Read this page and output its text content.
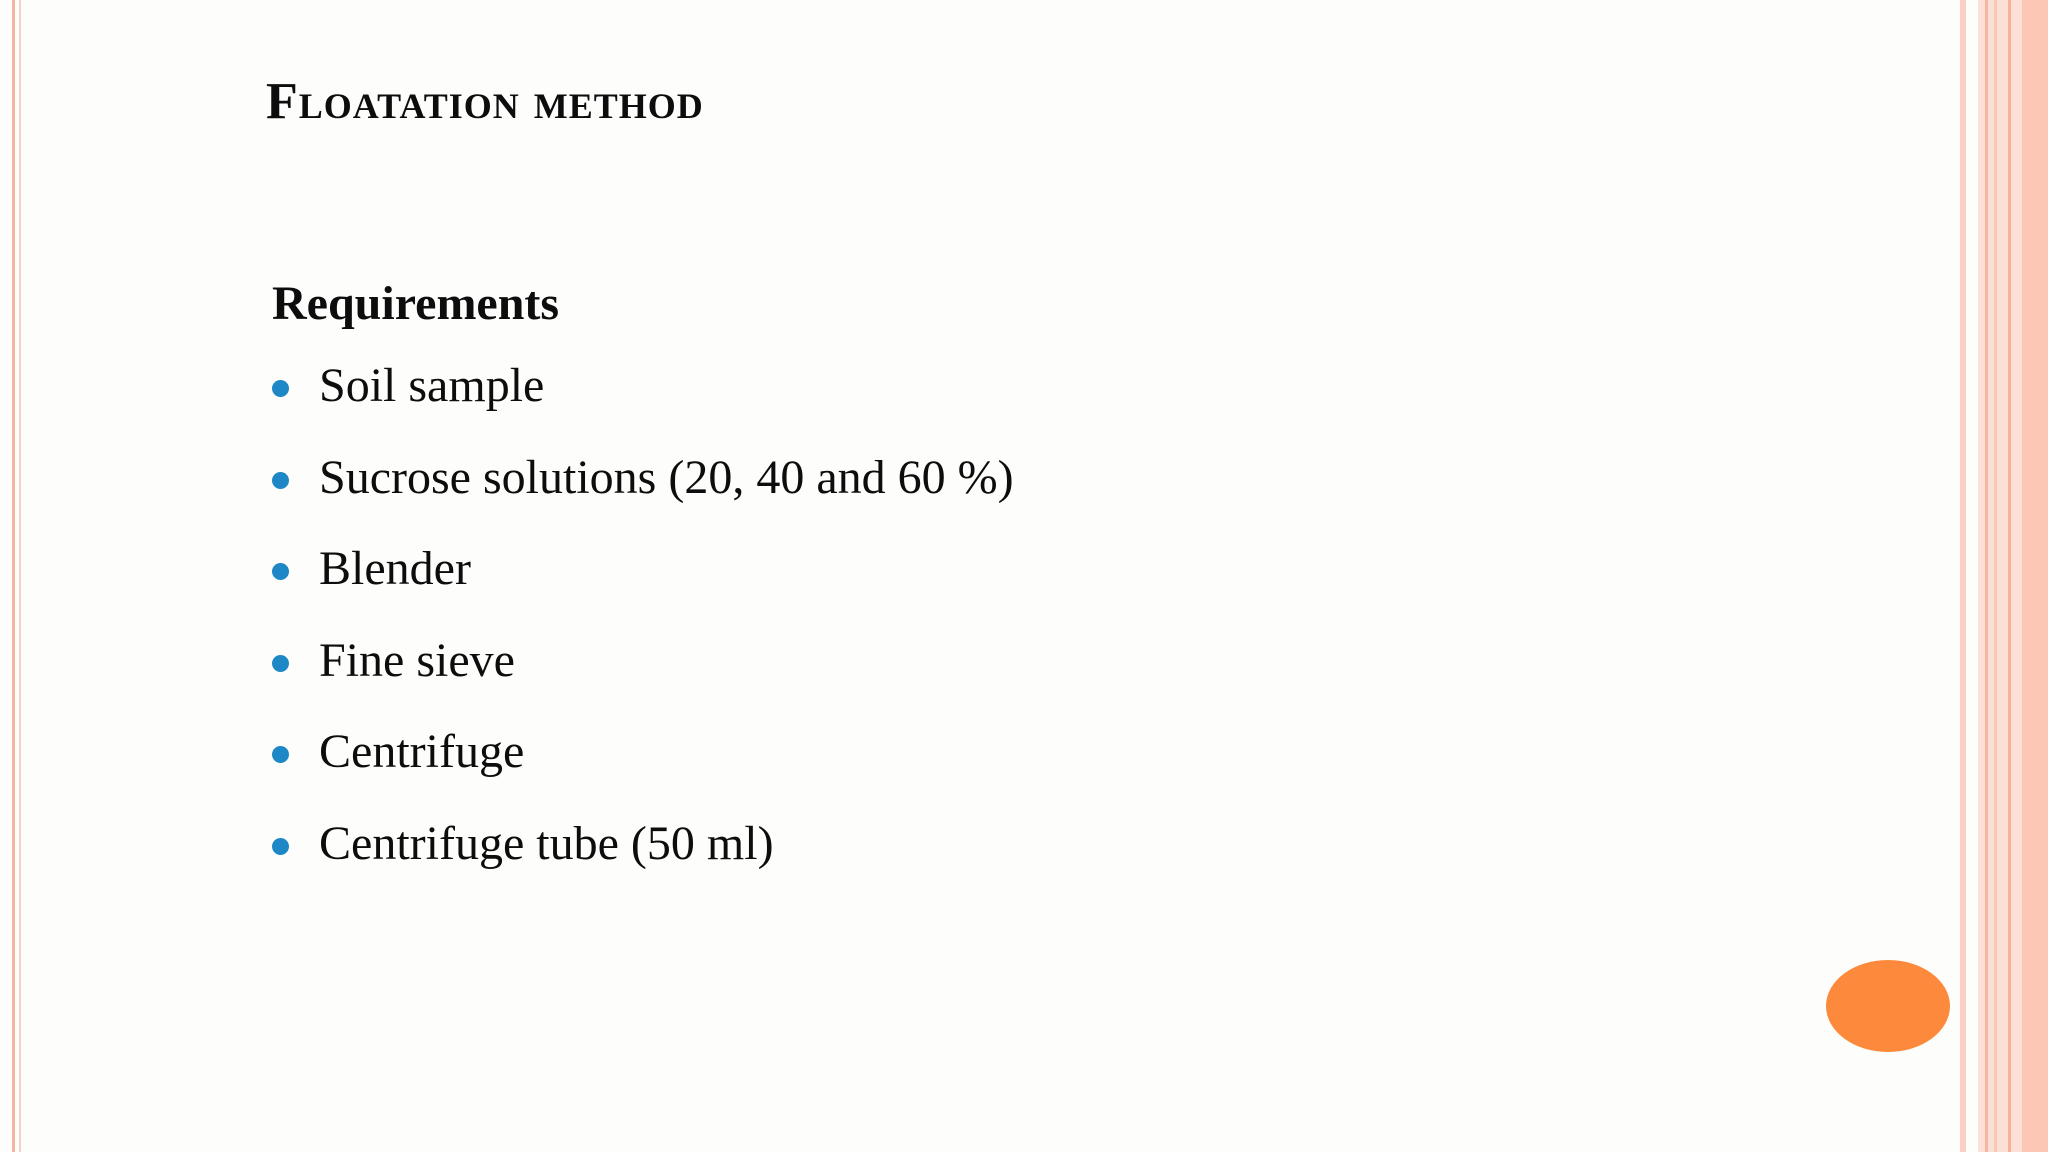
Floatation method
Requirements
Soil sample
Sucrose solutions (20, 40 and 60 %)
Blender
Fine sieve
Centrifuge
Centrifuge tube (50 ml)
